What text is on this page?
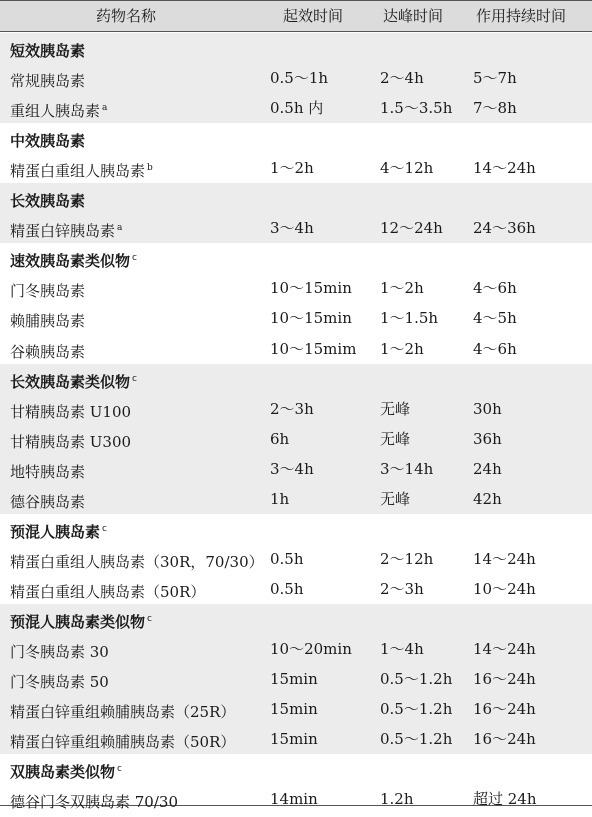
药物名称	起效时间	达峰时间 作用持续时间
短效胰岛素
常规胰岛素	0.5～1h	2～4h	5～7h
重组人胰岛素 $^a$	0.5h 内	1.5～3.5h 7～8h
中效胰岛素
精蛋白重组人胰岛素 $^b$	1～2h	4～12h	14～24h
长效胰岛素
精蛋白锌胰岛素 $^a$	3～4h	12～24h 24～36h
速效胰岛素类似物 $^c$
门冬胰岛素	10～15min 1～2h	4～6h
赖脯胰岛素	10～15min 1～1.5h 4～5h
谷赖胰岛素	10～15mim 1～2h	4～6h
长效胰岛素类似物 $^c$
甘精胰岛素 U100	2～3h	无峰	30h
甘精胰岛素 U300	6h	无峰	36h
地特胰岛素	3～4h	3～14h	24h
德谷胰岛素	1h	无峰	42h
预混人胰岛素 $^c$
精蛋白重组人胰岛素（30R，70/30） 0.5h	2～12h	14～24h
精蛋白重组人胰岛素（50R）	0.5h	2～3h	10～24h
预混人胰岛素类似物 $^c$
门冬胰岛素 30	10～20min 1～4h	14～24h
门冬胰岛素 50	15min	0.5～1.2h 16～24h
精蛋白锌重组赖脯胰岛素（25R） 15min	0.5～1.2h 16～24h
精蛋白锌重组赖脯胰岛素（50R） 15min	0.5～1.2h 16～24h
双胰岛素类似物 $^c$
德谷门冬双胰岛素 70/30	14min	1.2h	超过 24h
